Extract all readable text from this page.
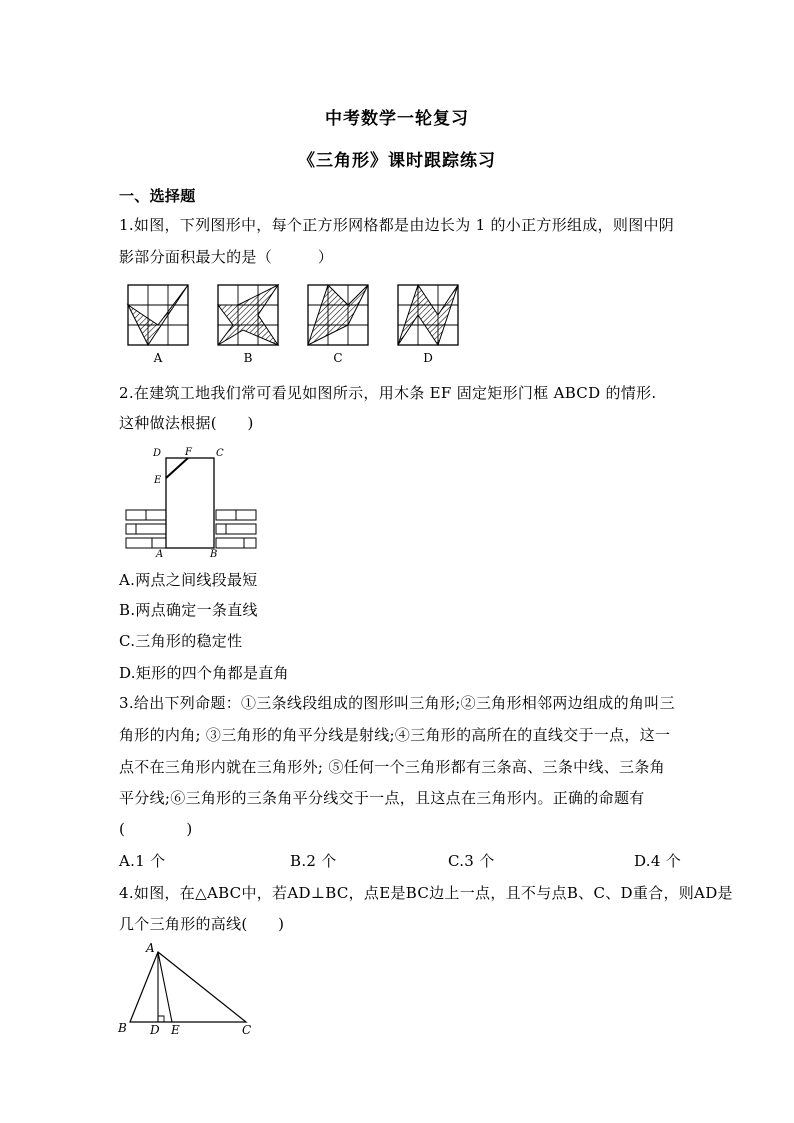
中考数学一轮复习
《三角形》课时跟踪练习
一、选择题
1.如图，下列图形中，每个正方形网格都是由边长为 1 的小正方形组成，则图中阴
影部分面积最大的是（　　　）
A	B	C	D
2.在建筑工地我们常可看见如图所示，用木条 EF 固定矩形门框 ABCD 的情形.
这种做法根据(　　)
D F C
E
A	B
A.两点之间线段最短
B.两点确定一条直线
C.三角形的稳定性
D.矩形的四个角都是直角
3.给出下列命题：①三条线段组成的图形叫三角形;②三角形相邻两边组成的角叫三
角形的内角; ③三角形的角平分线是射线;④三角形的高所在的直线交于一点，这一
点不在三角形内就在三角形外; ⑤任何一个三角形都有三条高、三条中线、三条角
平分线;⑥三角形的三条角平分线交于一点，且这点在三角形内。正确的命题有
(　　　　)
A.1 个	B.2 个	C.3 个	D.4 个
4.如图，在△ABC中，若AD⊥BC，点E是BC边上一点，且不与点B、C、D重合，则AD是
几个三角形的高线(　　)
A
B D E	C
